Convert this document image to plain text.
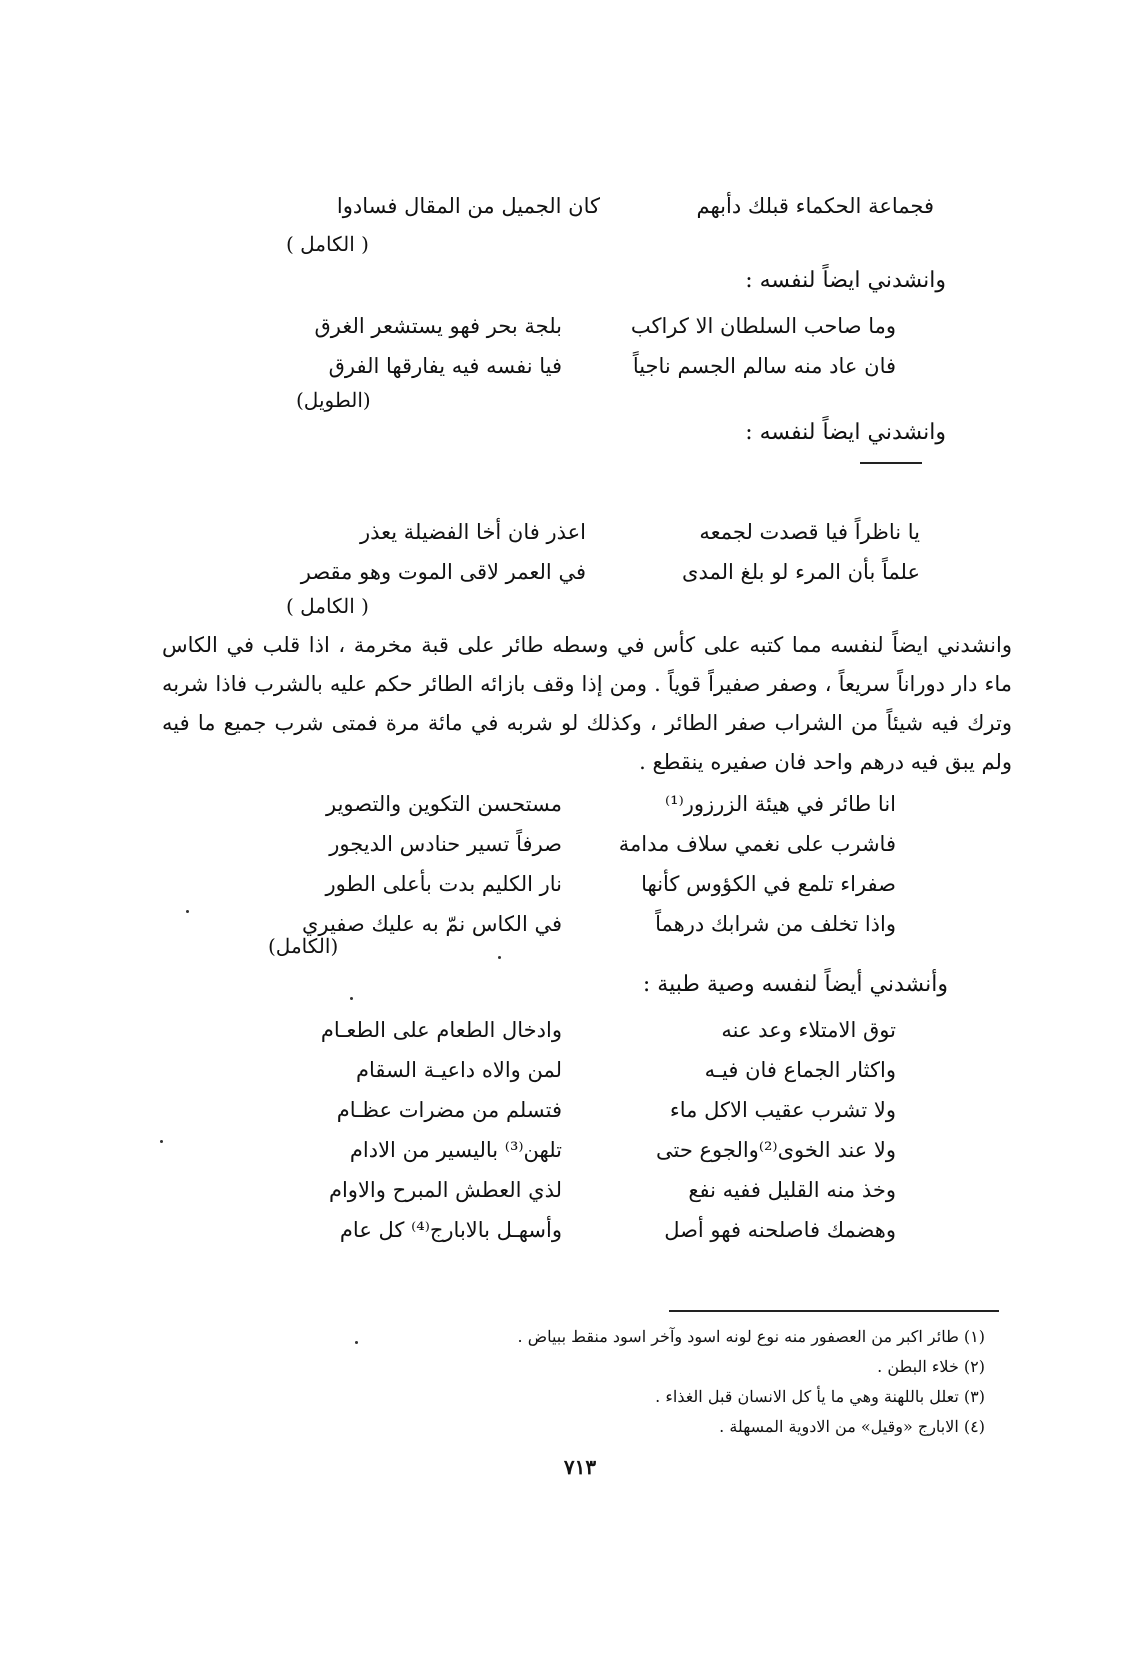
فجماعة الحكماء قبلك دأبهم
كان الجميل من المقال فسادوا
( الكامل )
وانشدني ايضاً لنفسه :
وما صاحب السلطان الا كراكب
بلجة بحر فهو يستشعر الغرق
فان عاد منه سالم الجسم ناجياً
فيا نفسه فيه يفارقها الفرق
(الطويل)
وانشدني ايضاً لنفسه :
يا ناظراً فيا قصدت لجمعه
اعذر فان أخا الفضيلة يعذر
علماً بأن المرء لو بلغ المدى
في العمر لاقى الموت وهو مقصر
( الكامل )
وانشدني ايضاً لنفسه مما كتبه على كأس في وسطه طائر على قبة مخرمة ، اذا قلب في الكاس ماء دار دوراناً سريعاً ، وصفر صفيراً قوياً . ومن إذا وقف بازائه الطائر حكم عليه بالشرب فاذا شربه وترك فيه شيئاً من الشراب صفر الطائر ، وكذلك لو شربه في مائة مرة فمتى شرب جميع ما فيه ولم يبق فيه درهم واحد فان صفيره ينقطع .
انا طائر في هيئة الزرزور⁽¹⁾
مستحسن التكوين والتصوير
فاشرب على نغمي سلاف مدامة
صرفاً تسير حنادس الديجور
صفراء تلمع في الكؤوس كأنها
نار الكليم بدت بأعلى الطور
واذا تخلف من شرابك درهماً
في الكاس نمّ به عليك صفيري
(الكامل)
وأنشدني أيضاً لنفسه وصية طبية :
توق الامتلاء وعد عنه
وادخال الطعام على الطعـام
واكثار الجماع فان فيـه
لمن والاه داعيـة السقام
ولا تشرب عقيب الاكل ماء
فتسلم من مضرات عظـام
ولا عند الخوى⁽²⁾والجوع حتى
تلهن⁽³⁾ باليسير من الادام
وخذ منه القليل ففيه نفع
لذي العطش المبرح والاوام
وهضمك فاصلحنه فهو أصل
وأسهـل بالابارج⁽⁴⁾ كل عام
(١) طائر اكبر من العصفور منه نوع لونه اسود وآخر اسود منقط ببياض .
(٢) خلاء البطن .
(٣) تعلل باللهنة وهي ما يأ كل الانسان قبل الغذاء .
(٤) الابارج «وقيل» من الادوية المسهلة .
٧١٣
